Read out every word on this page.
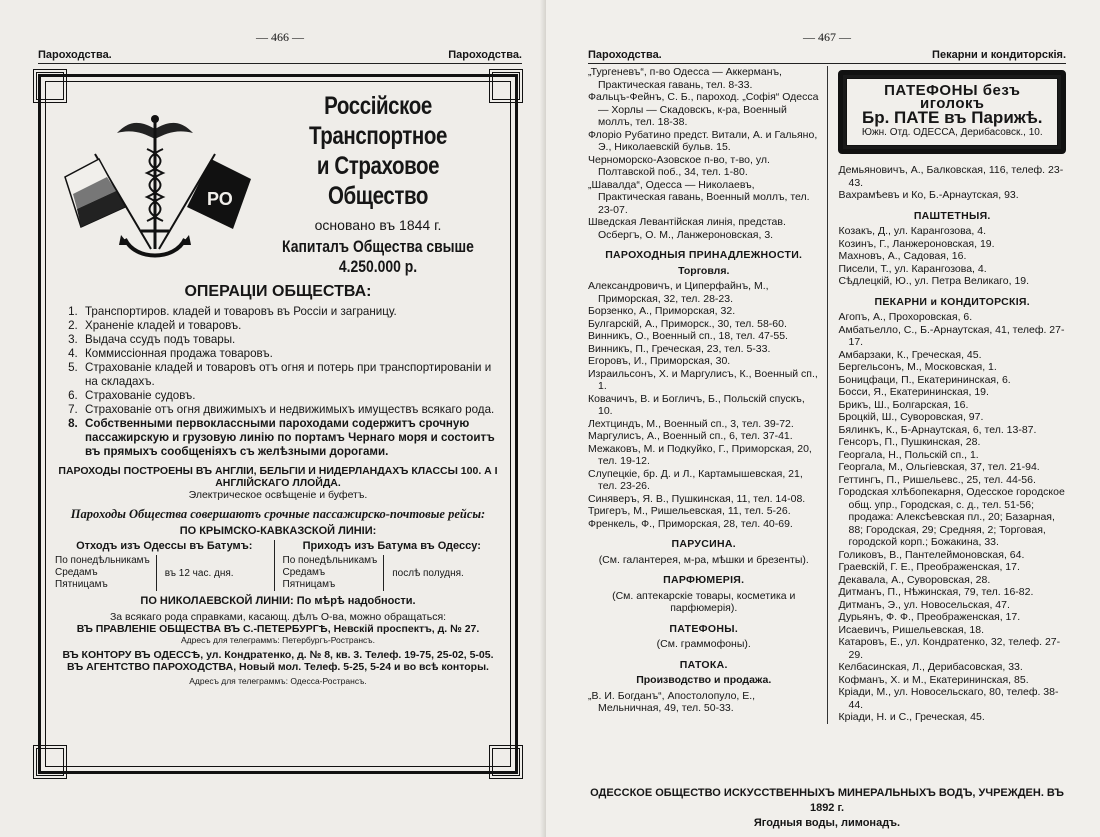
— 466 —
Пароходства.	Пароходства.
РО
Россійское Транспортное
и Страховое Общество
основано въ 1844 г.
Капиталъ Общества свыше 4.250.000 р.
ОПЕРАЦІИ ОБЩЕСТВА:
1. Транспортиров. кладей и товаровъ въ Россіи и заграницу.
2. Храненіе кладей и товаровъ.
3. Выдача ссудъ подъ товары.
4. Коммиссіонная продажа товаровъ.
5. Страхованіе кладей и товаровъ отъ огня и потерь при транспортированіи и на складахъ.
6. Страхованіе судовъ.
7. Страхованіе отъ огня движимыхъ и недвижимыхъ имуществъ всякаго рода.
8. Собственными первоклассными пароходами содержитъ срочную пассажирскую и грузовую линію по портамъ Чернаго моря и состоитъ въ прямыхъ сообщеніяхъ съ желѣзными дорогами.
ПАРОХОДЫ ПОСТРОЕНЫ ВЪ АНГЛІИ, БЕЛЬГІИ И НИДЕРЛАНДАХЪ КЛАССЫ 100. А I АНГЛІЙСКАГО ЛЛОЙДА.
Электрическое освѣщеніе и буфетъ.
Пароходы Общества совершаютъ срочные пассажирско-почтовые рейсы:
ПО КРЫМСКО-КАВКАЗСКОЙ ЛИНІИ:
Отходъ изъ Одессы въ Батумъ:
По понедѣльникамъ
Средамъ
Пятницамъ
въ 12 час. дня.
Приходъ изъ Батума въ Одессу:
По понедѣльникамъ
Средамъ
Пятницамъ
послѣ полудня.
ПО НИКОЛАЕВСКОЙ ЛИНІИ: По мѣрѣ надобности.
За всякаго рода справками, касающ. дѣлъ О-ва, можно обращаться:
ВЪ ПРАВЛЕНІЕ ОБЩЕСТВА ВЪ С.-ПЕТЕРБУРГѢ, Невскій проспектъ, д. № 27.
Адресъ для телеграммъ: Петербургъ-Ространсъ.
ВЪ КОНТОРУ ВЪ ОДЕССѢ, ул. Кондратенко, д. № 8, кв. 3. Телеф. 19-75, 25-02, 5-05.
ВЪ АГЕНТСТВО ПАРОХОДСТВА, Новый мол. Телеф. 5-25, 5-24 и во всѣ конторы.
Адресъ для телеграммъ: Одесса-Ространсъ.
— 467 —
Пароходства.	Пекарни и кондиторскія.
„Тургеневъ“, п-во Одесса — Аккерманъ, Практическая гавань, тел. 8-33.
Фальцъ-Фейнъ, С. Б., пароход. „Софія“ Одесса — Хорлы — Скадовскъ, к-ра, Военный моллъ, тел. 18-38.
Флоріо Рубатино предст. Витали, А. и Гальяно, Э., Николаевскій бульв. 15.
Черноморско-Азовское п-во, т-во, ул. Полтавской поб., 34, тел. 1-80.
„Шавалда“, Одесса — Николаевъ, Практическая гавань, Военный моллъ, тел. 23-07.
Шведская Левантійская линія, представ. Осбергъ, О. М., Ланжероновская, 3.
ПАРОХОДНЫЯ ПРИНАДЛЕЖНОСТИ.
Торговля.
Александровичъ, и Циперфайнъ, М., Приморская, 32, тел. 28-23.
Борзенко, А., Приморская, 32.
Булгарскій, А., Приморск., 30, тел. 58-60.
Винникъ, О., Военный сп., 18, тел. 47-55.
Винникъ, П., Греческая, 23, тел. 5-33.
Егоровъ, И., Приморская, 30.
Израильсонъ, Х. и Маргулисъ, К., Военный сп., 1.
Ковачичъ, В. и Богличъ, Б., Польскій спускъ, 10.
Лехтциндъ, М., Военный сп., 3, тел. 39-72.
Маргулисъ, А., Военный сп., 6, тел. 37-41.
Межаковъ, М. и Подкуйко, Г., Приморская, 20, тел. 19-12.
Слупецкіе, бр. Д. и Л., Картамышевская, 21, тел. 23-26.
Синяверъ, Я. В., Пушкинская, 11, тел. 14-08.
Тригеръ, М., Ришельевская, 11, тел. 5-26.
Френкель, Ф., Приморская, 28, тел. 40-69.
ПАРУСИНА.
(См. галантерея, м-ра, мѣшки и брезенты).
ПАРФЮМЕРІЯ.
(См. аптекарскіе товары, косметика и парфюмерія).
ПАТЕФОНЫ.
(См. граммофоны).
ПАТОКА.
Производство и продажа.
„В. И. Богданъ“, Апостолопуло, Е., Мельничная, 49, тел. 50-33.
ПАТЕФОНЫ безъ иголокъ
Бр. ПАТЕ въ Парижѣ.
Южн. Отд. ОДЕССА, Дерибасовск., 10.
Демьяновичъ, А., Балковская, 116, телеф. 23-43.
Вахрамѣевъ и Ко, Б.-Арнаутская, 93.
ПАШТЕТНЫЯ.
Козакъ, Д., ул. Карангозова, 4.
Козинъ, Г., Ланжероновская, 19.
Махновъ, А., Садовая, 16.
Писели, Т., ул. Карангозова, 4.
Сѣдлецкій, Ю., ул. Петра Великаго, 19.
ПЕКАРНИ и КОНДИТОРСКІЯ.
Агопъ, А., Прохоровская, 6.
Амбатьелло, С., Б.-Арнаутская, 41, телеф. 27-17.
Амбарзаки, К., Греческая, 45.
Бергельсонъ, М., Московская, 1.
Боницфаци, П., Екатерининская, 6.
Босси, Я., Екатерининская, 19.
Брикъ, Ш., Болгарская, 16.
Броцкій, Ш., Суворовская, 97.
Бялинкъ, К., Б-Арнаутская, 6, тел. 13-87.
Генсоръ, П., Пушкинская, 28.
Георгала, Н., Польскій сп., 1.
Георгала, М., Ольгіевская, 37, тел. 21-94.
Геттингъ, П., Ришельевс., 25, тел. 44-56.
Городская хлѣбопекарня, Одесское городское общ. упр., Городская, с. д., тел. 51-56; продажа: Алексѣевская пл., 20; Базарная, 88; Городская, 29; Средняя, 2; Торговая, городской корп.; Божакина, 33.
Голиковъ, В., Пантелеймоновская, 64.
Граевскій, Г. Е., Преображенская, 17.
Декавала, А., Суворовская, 28.
Дитманъ, П., Нѣжинская, 79, тел. 16-82.
Дитманъ, Э., ул. Новосельская, 47.
Дурьянъ, Ф. Ф., Преображенская, 17.
Исаевичъ, Ришельевская, 18.
Катаровъ, Е., ул. Кондратенко, 32, телеф. 27-29.
Келбасинская, Л., Дерибасовская, 33.
Кофманъ, Х. и М., Екатерининская, 85.
Кріади, М., ул. Новосельскаго, 80, телеф. 38-44.
Кріади, Н. и С., Греческая, 45.
ОДЕССКОЕ ОБЩЕСТВО ИСКУССТВЕННЫХЪ МИНЕРАЛЬНЫХЪ ВОДЪ, УЧРЕЖДЕН. ВЪ 1892 г.
Ягодныя воды, лимонадъ.
